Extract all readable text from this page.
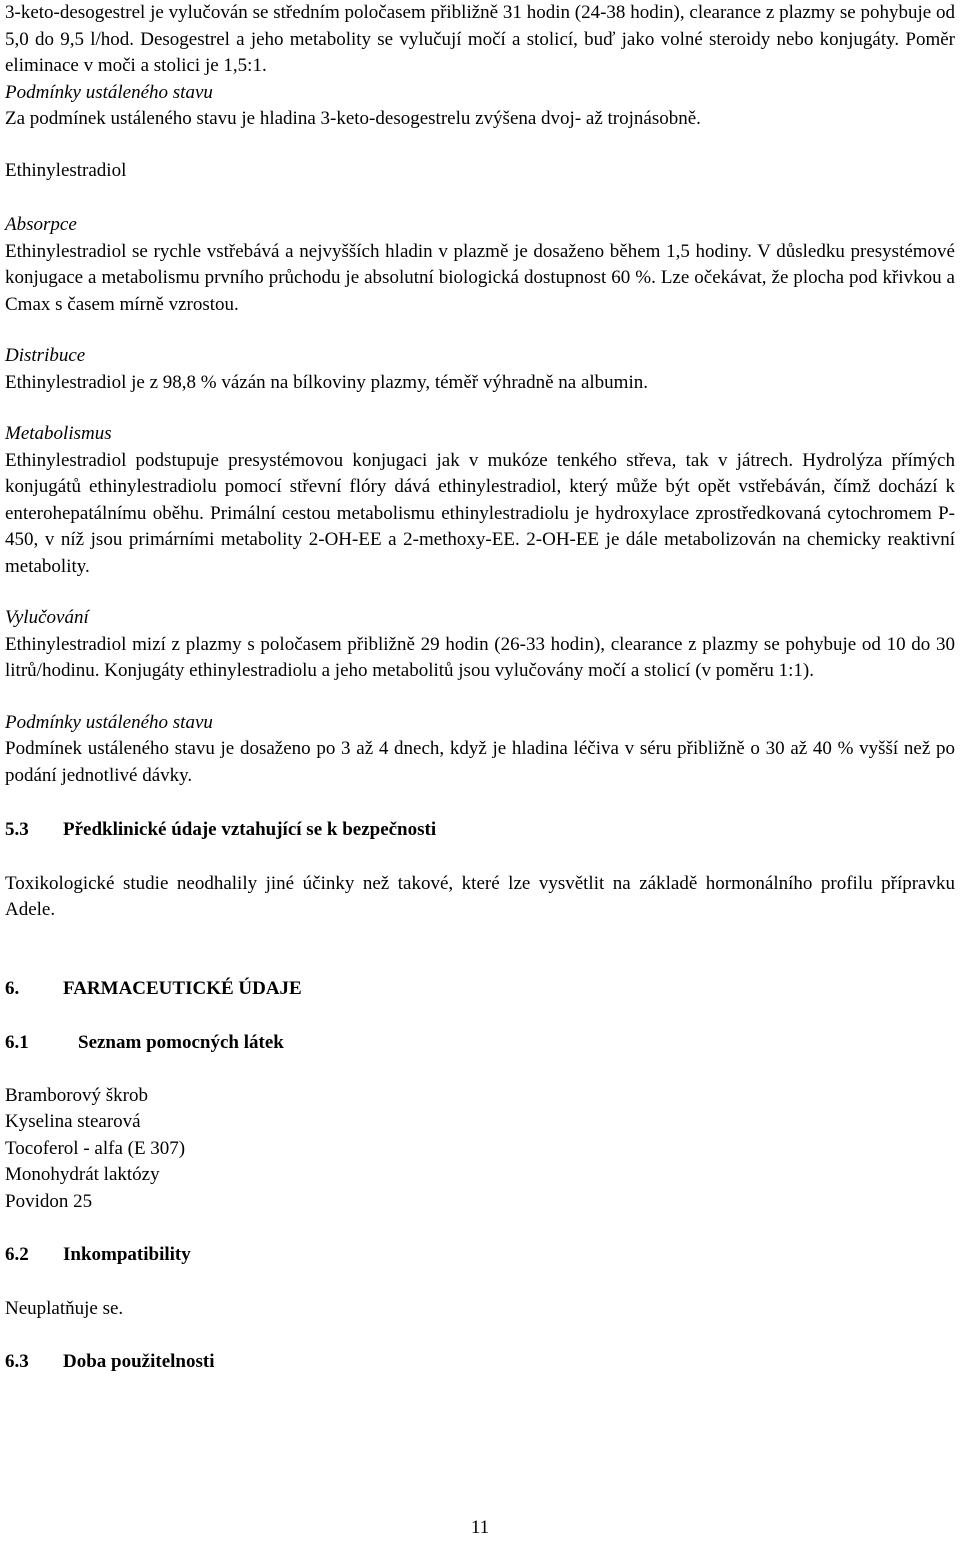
3-keto-desogestrel je vylučován se středním poločasem přibližně 31 hodin (24-38 hodin), clearance z plazmy se pohybuje od 5,0 do 9,5 l/hod. Desogestrel a jeho metabolity se vylučují močí a stolicí, buď jako volné steroidy nebo konjugáty. Poměr eliminace v moči a stolici je 1,5:1.

Podmínky ustáleného stavu

Za podmínek ustáleného stavu je hladina 3-keto-desogestrelu zvýšena dvoj- až trojnásobně.

Ethinylestradiol

Absorpce

Ethinylestradiol se rychle vstřebává a nejvyšších hladin v plazmě je dosaženo během 1,5 hodiny. V důsledku presystémové konjugace a metabolismu prvního průchodu je absolutní biologická dostupnost 60 %. Lze očekávat, že plocha pod křivkou a Cmax s časem mírně vzrostou.

Distribuce

Ethinylestradiol je z 98,8 % vázán na bílkoviny plazmy, téměř výhradně na albumin.

Metabolismus

Ethinylestradiol podstupuje presystémovou konjugaci jak v mukóze tenkého střeva, tak v játrech. Hydrolýza přímých konjugátů ethinylestradiolu pomocí střevní flóry dává ethinylestradiol, který může být opět vstřebáván, čímž dochází k enterohepatálnímu oběhu. Primální cestou metabolismu ethinylestradiolu je hydroxylace zprostředkovaná cytochromem P-450, v níž jsou primárními metabolity 2-OH-EE a 2-methoxy-EE. 2-OH-EE je dále metabolizován na chemicky reaktivní metabolity.

Vylučování

Ethinylestradiol mizí z plazmy s poločasem přibližně 29 hodin (26-33 hodin), clearance z plazmy se pohybuje od 10 do 30 litrů/hodinu. Konjugáty ethinylestradiolu a jeho metabolitů jsou vylučovány močí a stolicí (v poměru 1:1).

Podmínky ustáleného stavu

Podmínek ustáleného stavu je dosaženo po 3 až 4 dnech, když je hladina léčiva v séru přibližně o 30 až 40 % vyšší než po podání jednotlivé dávky.

5.3	Předklinické údaje vztahující se k bezpečnosti

Toxikologické studie neodhalily jiné účinky než takové, které lze vysvětlit na základě hormonálního profilu přípravku Adele.

6.	FARMACEUTICKÉ ÚDAJE
6.1	Seznam pomocných látek

Bramborový škrob

Kyselina stearová

Tocoferol - alfa (E 307)

Monohydrát laktózy

Povidon 25

6.2	Inkompatibility

Neuplatňuje se.

6.3	Doba použitelnosti
11
